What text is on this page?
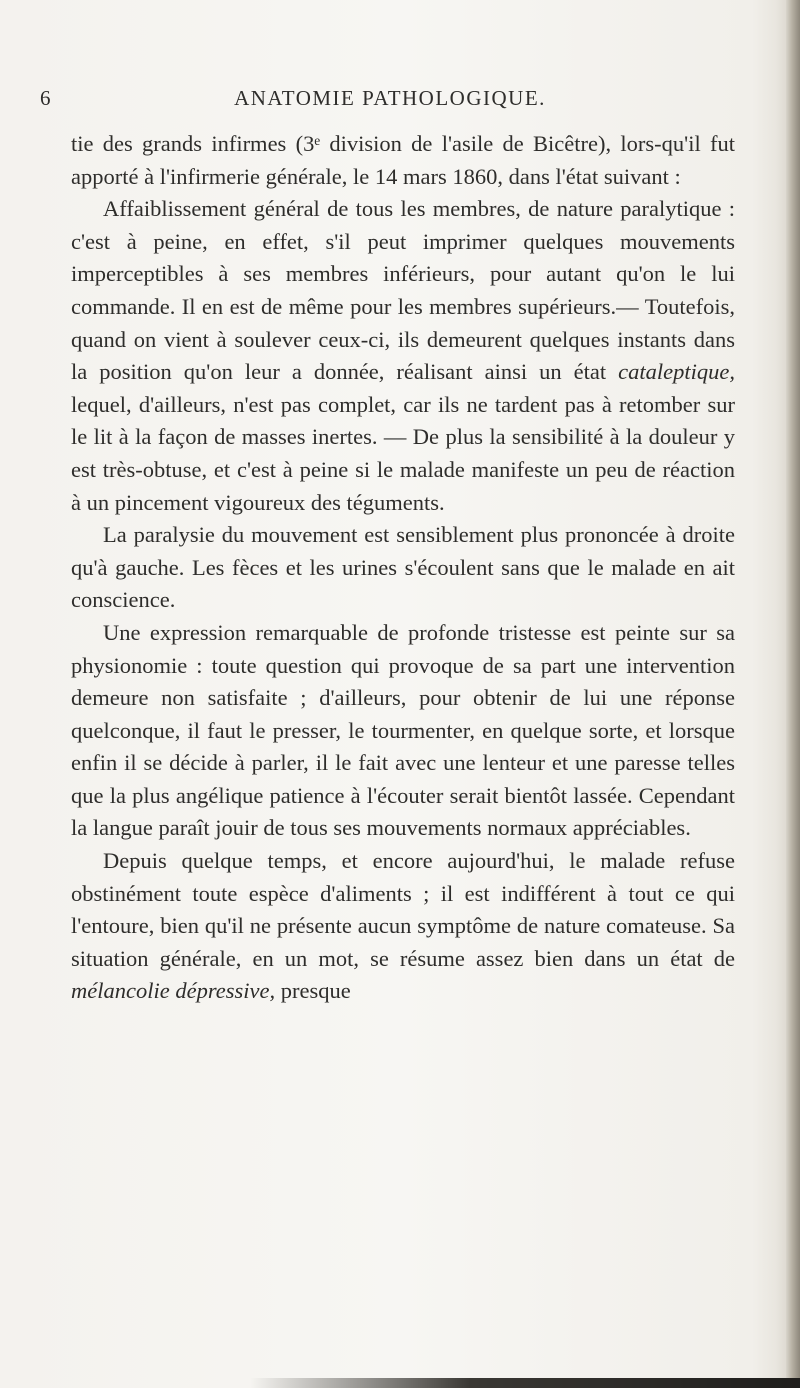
6	ANATOMIE PATHOLOGIQUE.

tie des grands infirmes (3ᵉ division de l'asile de Bicêtre), lors-qu'il fut apporté à l'infirmerie générale, le 14 mars 1860, dans l'état suivant :

Affaiblissement général de tous les membres, de nature paralytique : c'est à peine, en effet, s'il peut imprimer quelques mouvements imperceptibles à ses membres inférieurs, pour autant qu'on le lui commande. Il en est de même pour les membres supérieurs.— Toutefois, quand on vient à soulever ceux-ci, ils demeurent quelques instants dans la position qu'on leur a donnée, réalisant ainsi un état cataleptique, lequel, d'ailleurs, n'est pas complet, car ils ne tardent pas à retomber sur le lit à la façon de masses inertes. — De plus la sensibilité à la douleur y est très-obtuse, et c'est à peine si le malade manifeste un peu de réaction à un pincement vigoureux des téguments.

La paralysie du mouvement est sensiblement plus prononcée à droite qu'à gauche. Les fèces et les urines s'écoulent sans que le malade en ait conscience.

Une expression remarquable de profonde tristesse est peinte sur sa physionomie : toute question qui provoque de sa part une intervention demeure non satisfaite ; d'ailleurs, pour obtenir de lui une réponse quelconque, il faut le presser, le tourmenter, en quelque sorte, et lorsque enfin il se décide à parler, il le fait avec une lenteur et une paresse telles que la plus angélique patience à l'écouter serait bientôt lassée. Cependant la langue paraît jouir de tous ses mouvements normaux appréciables.

Depuis quelque temps, et encore aujourd'hui, le malade refuse obstinément toute espèce d'aliments ; il est indifférent à tout ce qui l'entoure, bien qu'il ne présente aucun symptôme de nature comateuse. Sa situation générale, en un mot, se résume assez bien dans un état de mélancolie dépressive, presque
